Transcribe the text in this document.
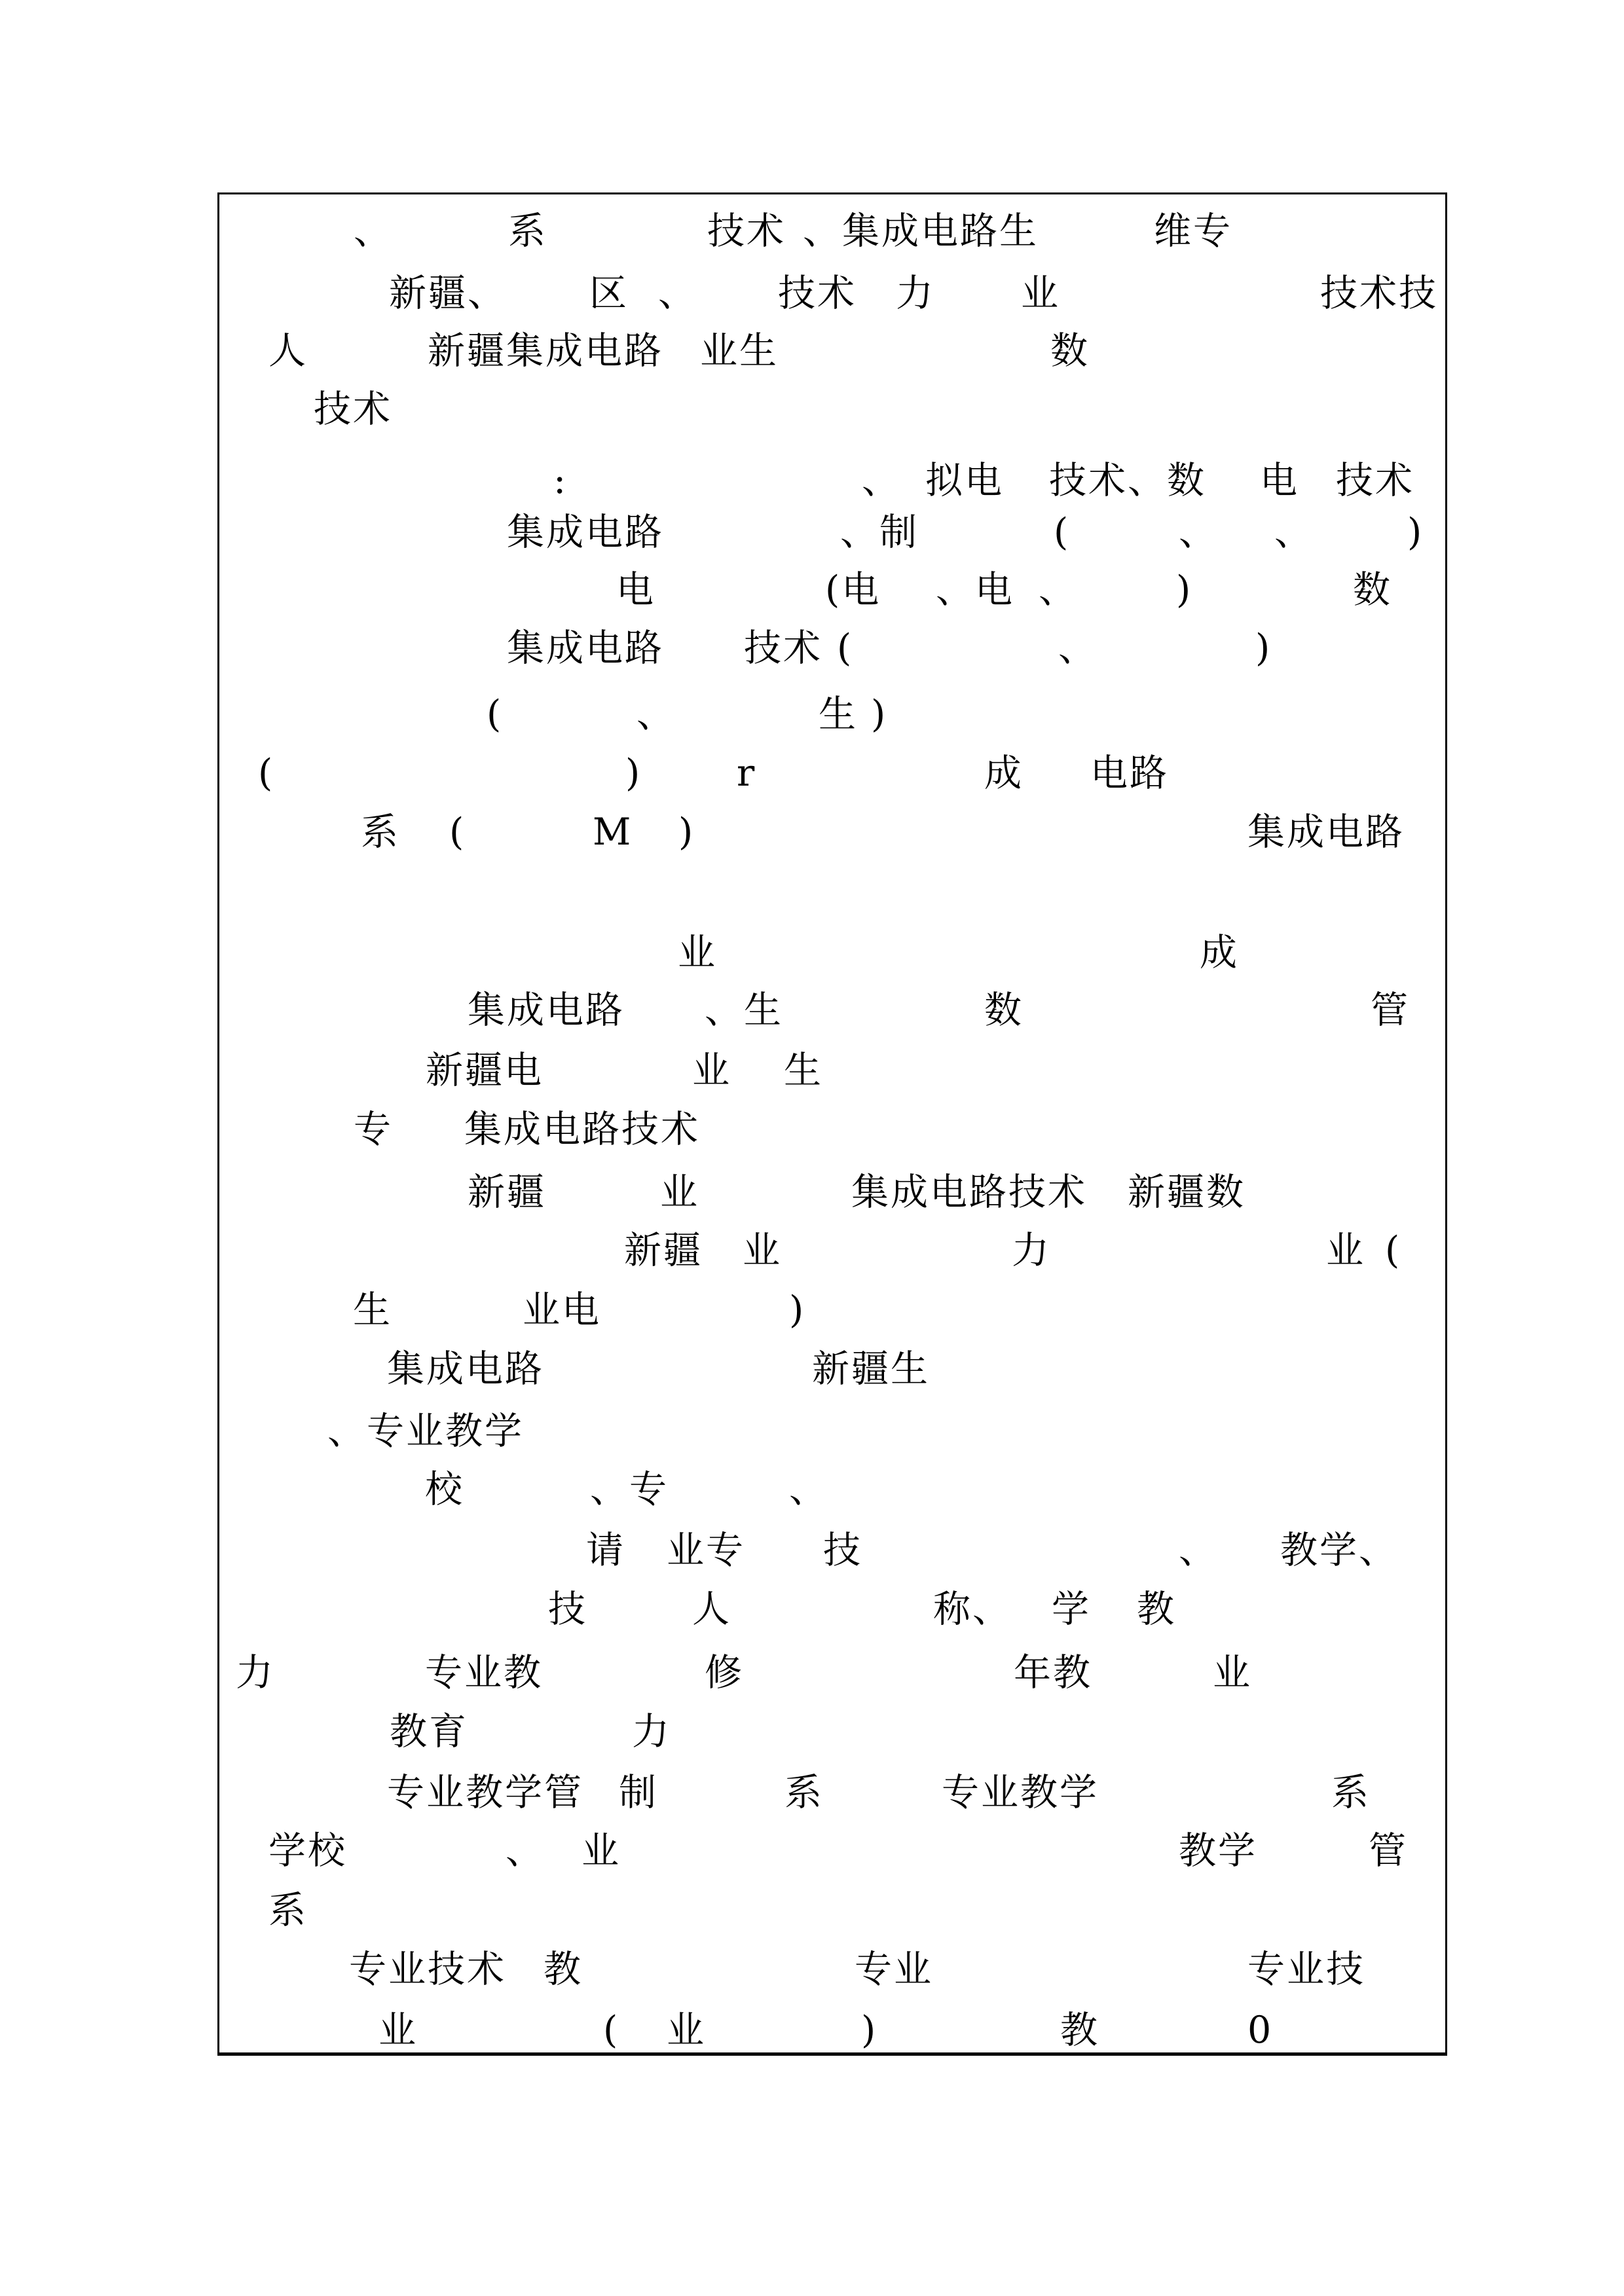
、	系	技术 、集成电路生	维专
新疆、 区 、 技术 力 业	技术技
人	新疆集成电路 业生	数
技术
:	、 拟电 技术、数 电 技术
集成电路	、制	(	、 、	)
电	(电 、电 、	)	数
集成电路 技术 (	、	)
(	、	生 )
(	)	r	成 电路
系 (	M )	集成电路
业	成
集成电路 、生	数	管
新疆电	业 生
专 集成电路技术
新疆	业	集成电路技术 新疆数
新疆 业	力	业 (
生	业电	)
集成电路	新疆生
、专业教学
校	、专	、
请 业专 技	、 教学、
技	人	称、 学 教
力	专业教	修	年教	业
教育	力
专业教学管 制	系	专业教学	系
学校	、 业	教学	管
系
专业技术 教	专业	专业技
业	( 业	)	教	0
